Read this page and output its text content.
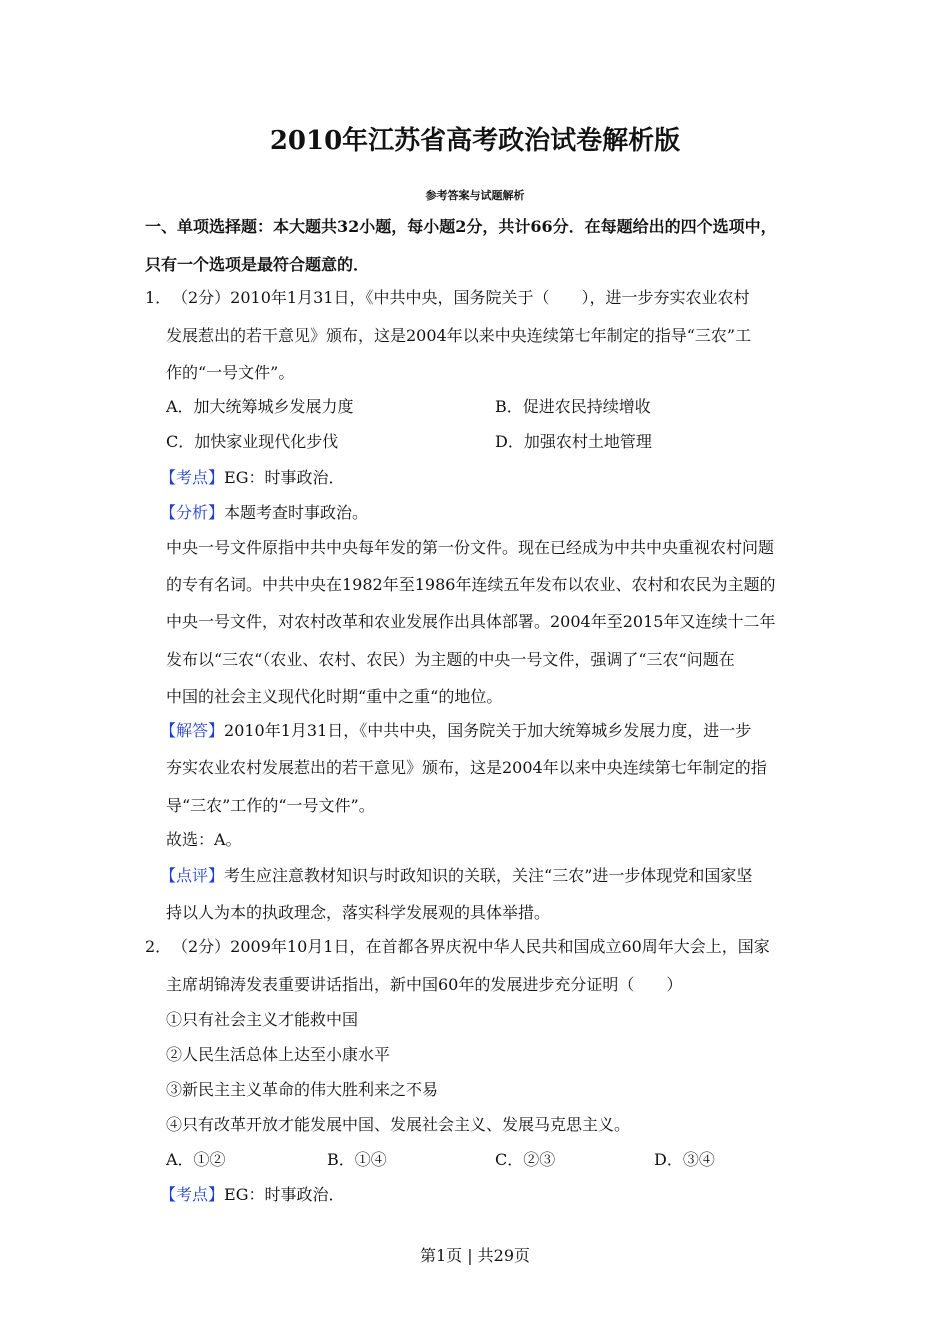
2010年江苏省高考政治试卷解析版
参考答案与试题解析
一、单项选择题：本大题共32小题，每小题2分，共计66分．在每题给出的四个选项中，
只有一个选项是最符合题意的．
1． （2分）2010年1月31日，《中共中央，国务院关于（　　），进一步夯实农业农村
发展惹出的若干意见》颁布，这是2004年以来中央连续第七年制定的指导“三农”工
作的“一号文件”。
A．加大统筹城乡发展力度	B．促进农民持续增收
C．加快家业现代化步伐	D．加强农村土地管理
【考点】EG：时事政治．
【分析】本题考查时事政治。
中央一号文件原指中共中央每年发的第一份文件。现在已经成为中共中央重视农村问题
的专有名词。中共中央在1982年至1986年连续五年发布以农业、农村和农民为主题的
中央一号文件，对农村改革和农业发展作出具体部署。2004年至2015年又连续十二年
发布以“三农“（农业、农村、农民）为主题的中央一号文件，强调了“三农“问题在
中国的社会主义现代化时期“重中之重“的地位。
【解答】2010年1月31日，《中共中央，国务院关于加大统筹城乡发展力度，进一步
夯实农业农村发展惹出的若干意见》颁布，这是2004年以来中央连续第七年制定的指
导“三农”工作的“一号文件”。
故选：A。
【点评】考生应注意教材知识与时政知识的关联，关注“三农”进一步体现党和国家坚
持以人为本的执政理念，落实科学发展观的具体举措。
2． （2分）2009年10月1日，在首都各界庆祝中华人民共和国成立60周年大会上，国家
主席胡锦涛发表重要讲话指出，新中国60年的发展进步充分证明（　　）
①只有社会主义才能救中国
②人民生活总体上达至小康水平
③新民主主义革命的伟大胜利来之不易
④只有改革开放才能发展中国、发展社会主义、发展马克思主义。
A．①②	B．①④	C．②③	D．③④
【考点】EG：时事政治．
第1页 | 共29页
